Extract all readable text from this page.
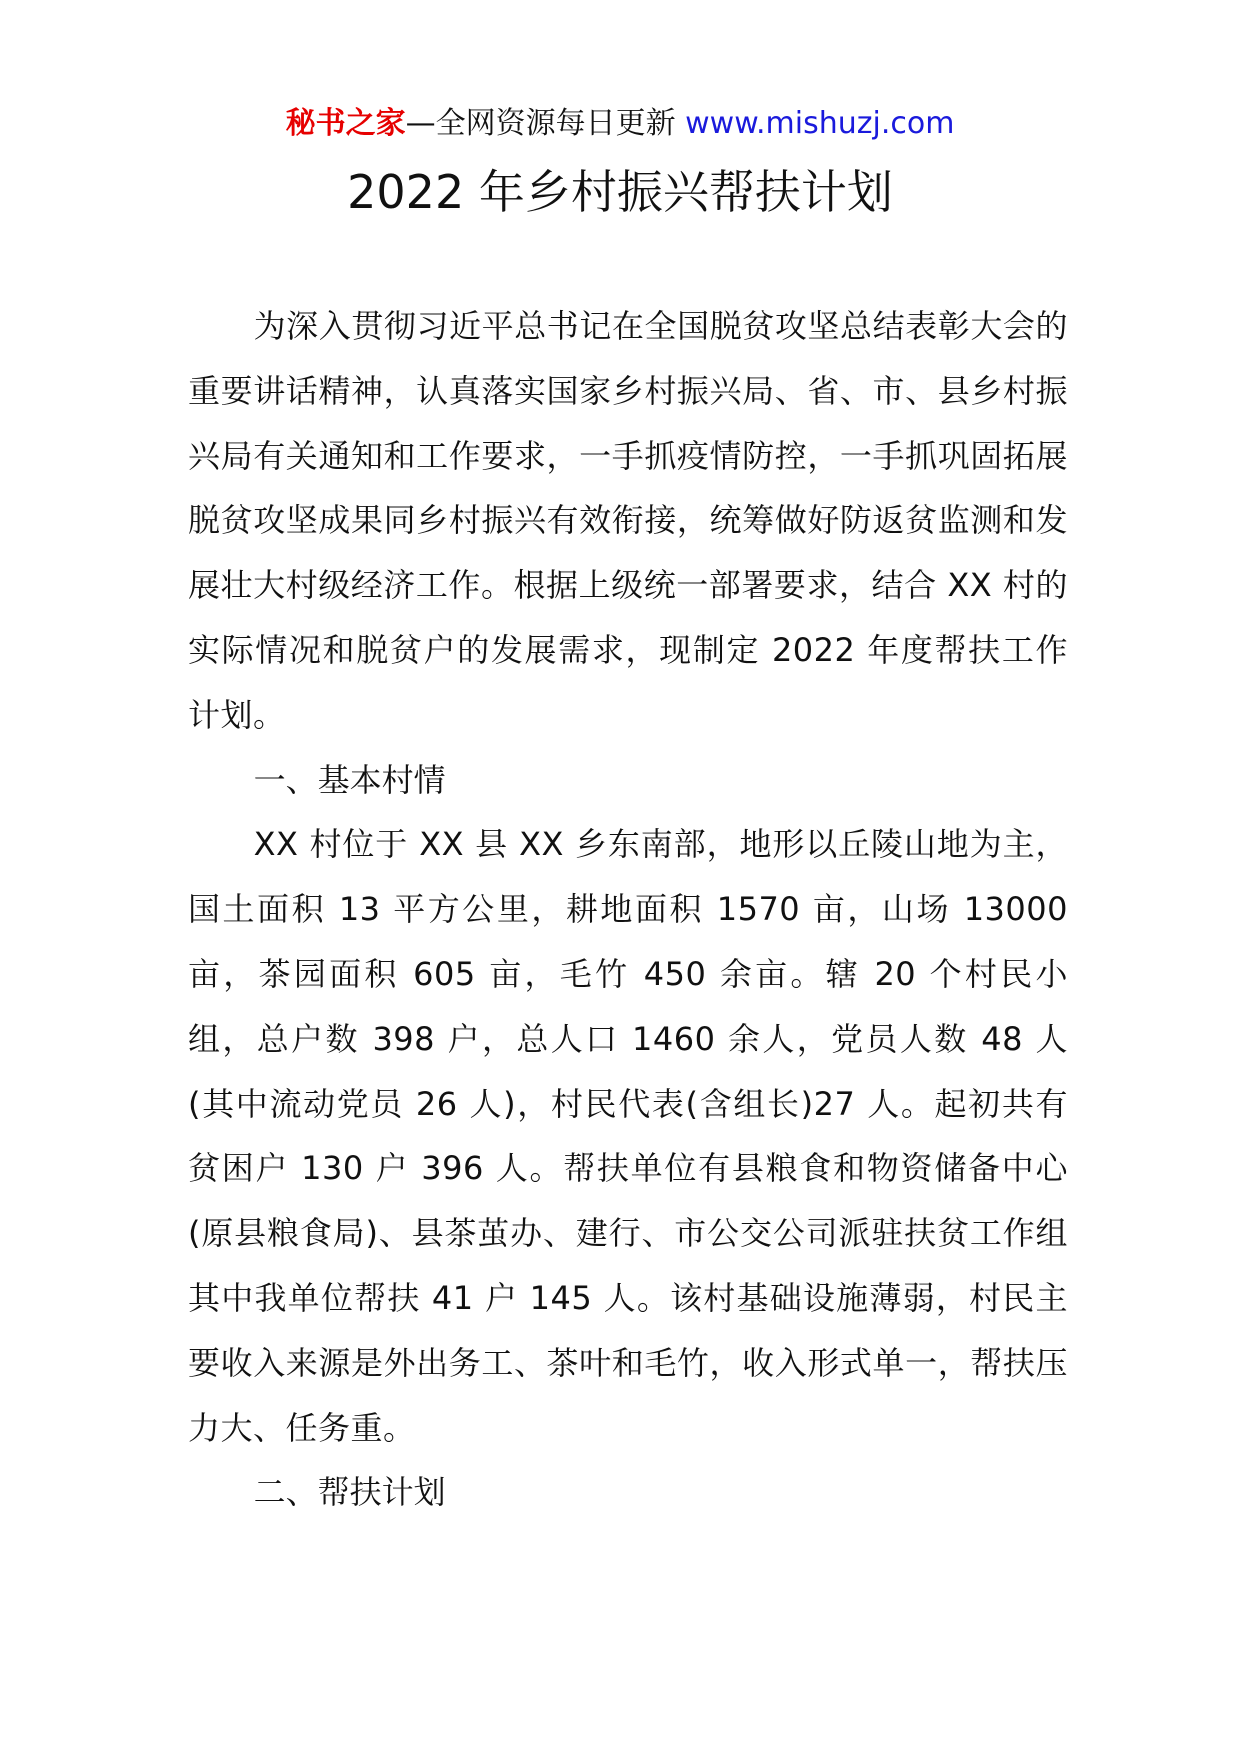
秘书之家—全网资源每日更新 www.mishuzj.com
2022 年乡村振兴帮扶计划

为深入贯彻习近平总书记在全国脱贫攻坚总结表彰大会的重要讲话精神，认真落实国家乡村振兴局、省、市、县乡村振兴局有关通知和工作要求，一手抓疫情防控，一手抓巩固拓展脱贫攻坚成果同乡村振兴有效衔接，统筹做好防返贫监测和发展壮大村级经济工作。根据上级统一部署要求，结合 XX 村的实际情况和脱贫户的发展需求，现制定 2022 年度帮扶工作计划。

一、基本村情

XX 村位于 XX 县 XX 乡东南部，地形以丘陵山地为主，国土面积 13 平方公里，耕地面积 1570 亩，山场 13000 亩，茶园面积 605 亩，毛竹 450 余亩。辖 20 个村民小组，总户数 398 户，总人口 1460 余人，党员人数 48 人(其中流动党员 26 人)，村民代表(含组长)27 人。起初共有贫困户 130 户 396 人。帮扶单位有县粮食和物资储备中心(原县粮食局)、县茶茧办、建行、市公交公司派驻扶贫工作组其中我单位帮扶 41 户 145 人。该村基础设施薄弱，村民主要收入来源是外出务工、茶叶和毛竹，收入形式单一，帮扶压力大、任务重。

二、帮扶计划
